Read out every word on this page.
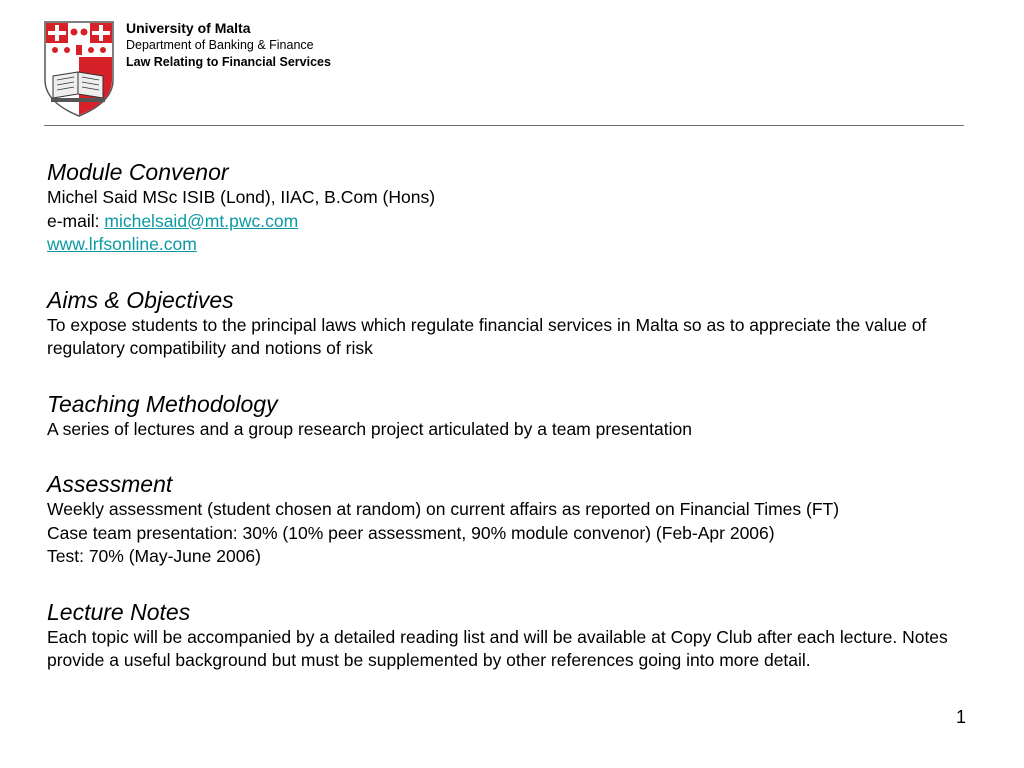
University of Malta
Department of Banking & Finance
Law Relating to Financial Services
Module Convenor

Michel Said MSc ISIB (Lond), IIAC, B.Com (Hons)

e-mail: michelsaid@mt.pwc.com

www.lrfsonline.com

Aims & Objectives

To expose students to the principal laws which regulate financial services in Malta so as to appreciate the value of regulatory compatibility and notions of risk

Teaching Methodology

A series of lectures and a group research project articulated by a team presentation

Assessment

Weekly assessment (student chosen at random) on current affairs as reported on Financial Times (FT)

Case team presentation: 30% (10% peer assessment, 90% module convenor) (Feb-Apr 2006)

Test: 70% (May-June 2006)

Lecture Notes

Each topic will be accompanied by a detailed reading list and will be available at Copy Club after each lecture. Notes provide a useful background but must be supplemented by other references going into more detail.

1
